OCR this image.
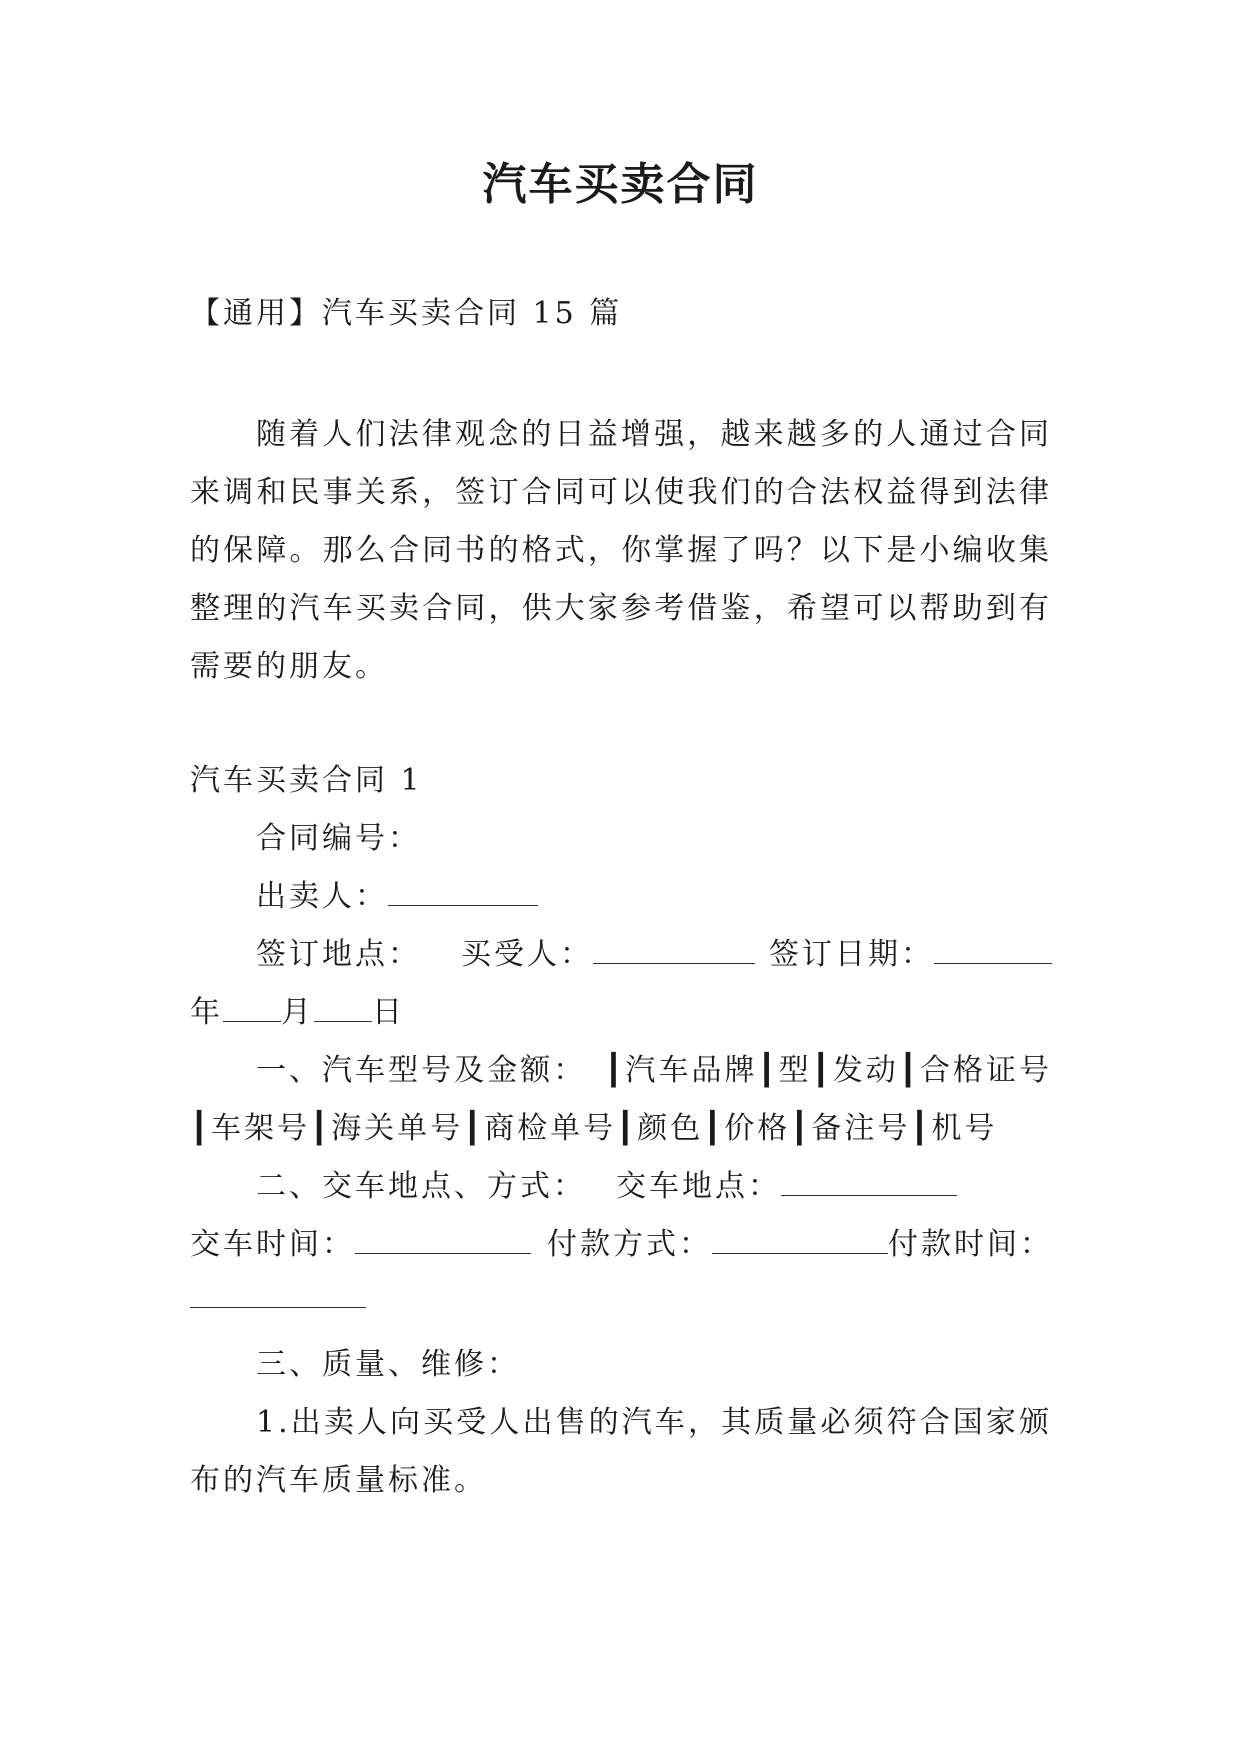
汽车买卖合同

【通用】汽车买卖合同 15 篇

随着人们法律观念的日益增强，越来越多的人通过合同来调和民事关系，签订合同可以使我们的合法权益得到法律的保障。那么合同书的格式，你掌握了吗？以下是小编收集整理的汽车买卖合同，供大家参考借鉴，希望可以帮助到有需要的朋友。

汽车买卖合同 1

合同编号：

出卖人：

签订地点： 买受人：	签订日期：

年 月 日

一、汽车型号及金额：　┃汽车品牌┃型┃发动┃合格证号┃车架号┃海关单号┃商检单号┃颜色┃价格┃备注号┃机号

二、交车地点、方式： 交车地点：

交车时间：	付款方式：	付款时间：

三、质量、维修：

1.出卖人向买受人出售的汽车，其质量必须符合国家颁布的汽车质量标准。
